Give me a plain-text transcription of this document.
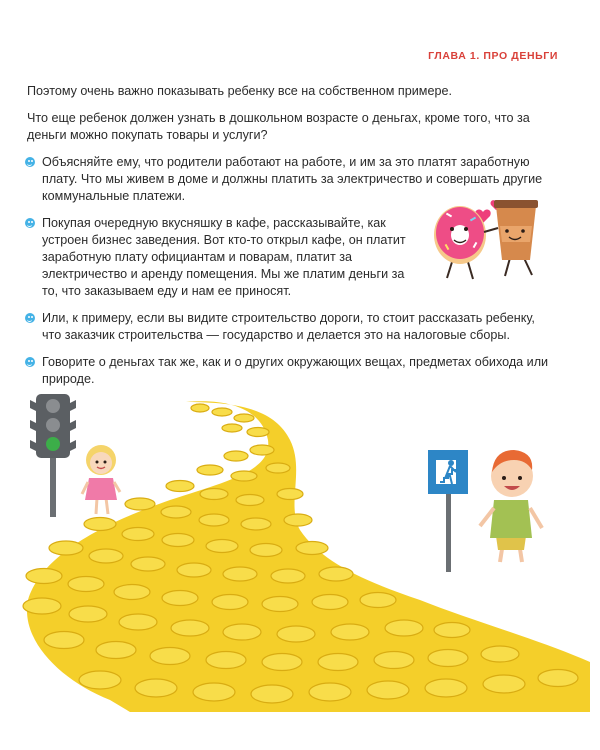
ГЛАВА 1. ПРО ДЕНЬГИ

Поэтому очень важно показывать ребенку все на собственном примере.

Что еще ребенок должен узнать в дошкольном возрасте о деньгах, кроме того, что за деньги можно покупать товары и услуги?

Объясняйте ему, что родители работают на работе, и им за это платят заработную плату. Что мы живем в доме и должны платить за электричество и совершать другие коммунальные платежи.
Покупая очередную вкусняшку в кафе, рассказывайте, как устроен бизнес заведения. Вот кто-то открыл кафе, он платит заработную плату официантам и поварам, платит за электричество и аренду помещения. Мы же платим деньги за то, что заказываем еду и нам ее приносят.
Или, к примеру, если вы видите строительство дороги, то стоит рассказать ребенку, что заказчик строительства — государство и делается это на налоговые сборы.
Говорите о деньгах так же, как и о других окружающих вещах, предметах обихода или природе.
